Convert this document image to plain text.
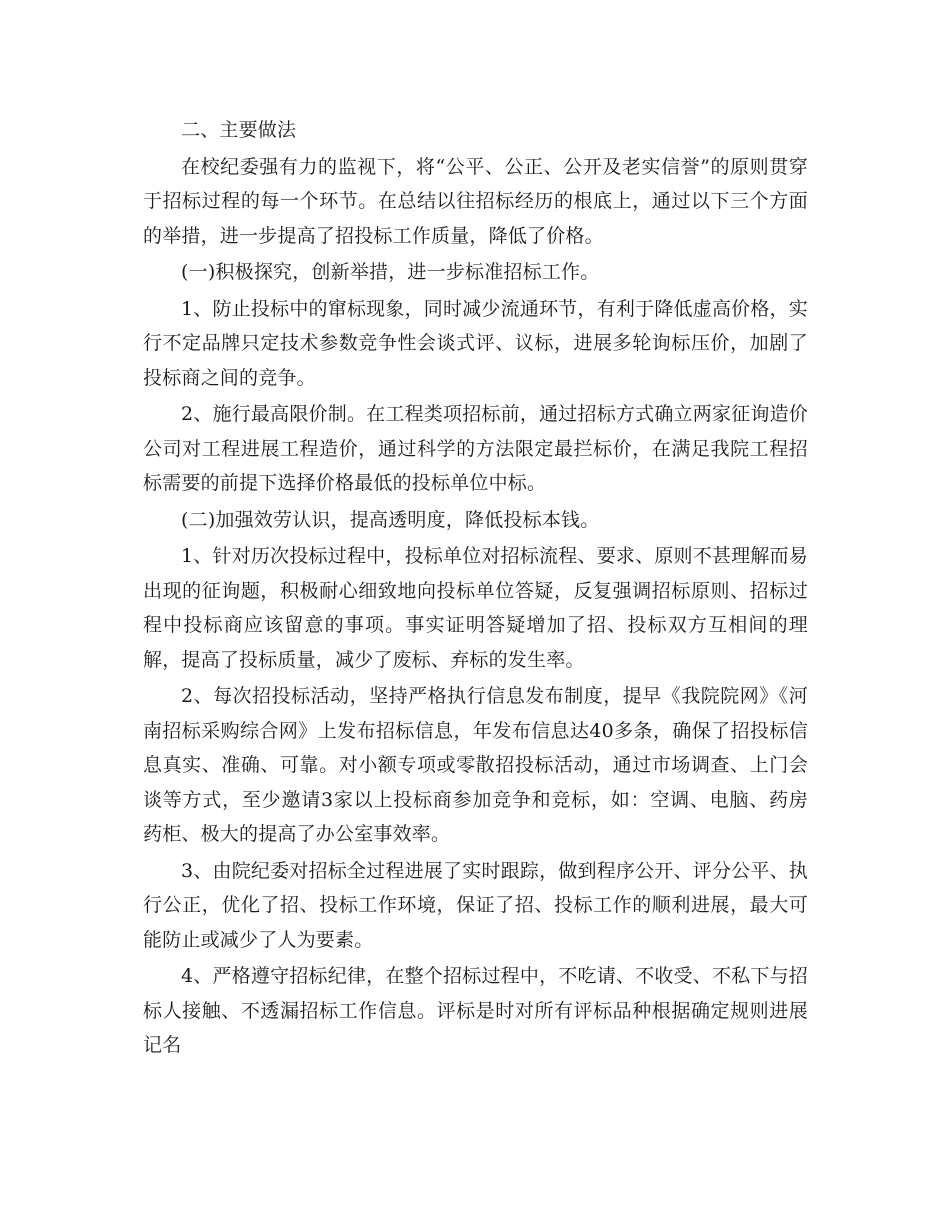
二、主要做法

在校纪委强有力的监视下，将“公平、公正、公开及老实信誉”的原则贯穿于招标过程的每一个环节。在总结以往招标经历的根底上，通过以下三个方面的举措，进一步提高了招投标工作质量，降低了价格。

(一)积极探究，创新举措，进一步标准招标工作。

1、防止投标中的窜标现象，同时减少流通环节，有利于降低虚高价格，实行不定品牌只定技术参数竞争性会谈式评、议标，进展多轮询标压价，加剧了投标商之间的竞争。

2、施行最高限价制。在工程类项招标前，通过招标方式确立两家征询造价公司对工程进展工程造价，通过科学的方法限定最拦标价，在满足我院工程招标需要的前提下选择价格最低的投标单位中标。

(二)加强效劳认识，提高透明度，降低投标本钱。

1、针对历次投标过程中，投标单位对招标流程、要求、原则不甚理解而易出现的征询题，积极耐心细致地向投标单位答疑，反复强调招标原则、招标过程中投标商应该留意的事项。事实证明答疑增加了招、投标双方互相间的理解，提高了投标质量，减少了废标、弃标的发生率。

2、每次招投标活动，坚持严格执行信息发布制度，提早《我院院网》《河南招标采购综合网》上发布招标信息，年发布信息达40多条，确保了招投标信息真实、准确、可靠。对小额专项或零散招投标活动，通过市场调查、上门会谈等方式，至少邀请3家以上投标商参加竞争和竞标，如：空调、电脑、药房药柜、极大的提高了办公室事效率。

3、由院纪委对招标全过程进展了实时跟踪，做到程序公开、评分公平、执行公正，优化了招、投标工作环境，保证了招、投标工作的顺利进展，最大可能防止或减少了人为要素。

4、严格遵守招标纪律，在整个招标过程中，不吃请、不收受、不私下与招标人接触、不透漏招标工作信息。评标是时对所有评标品种根据确定规则进展记名
